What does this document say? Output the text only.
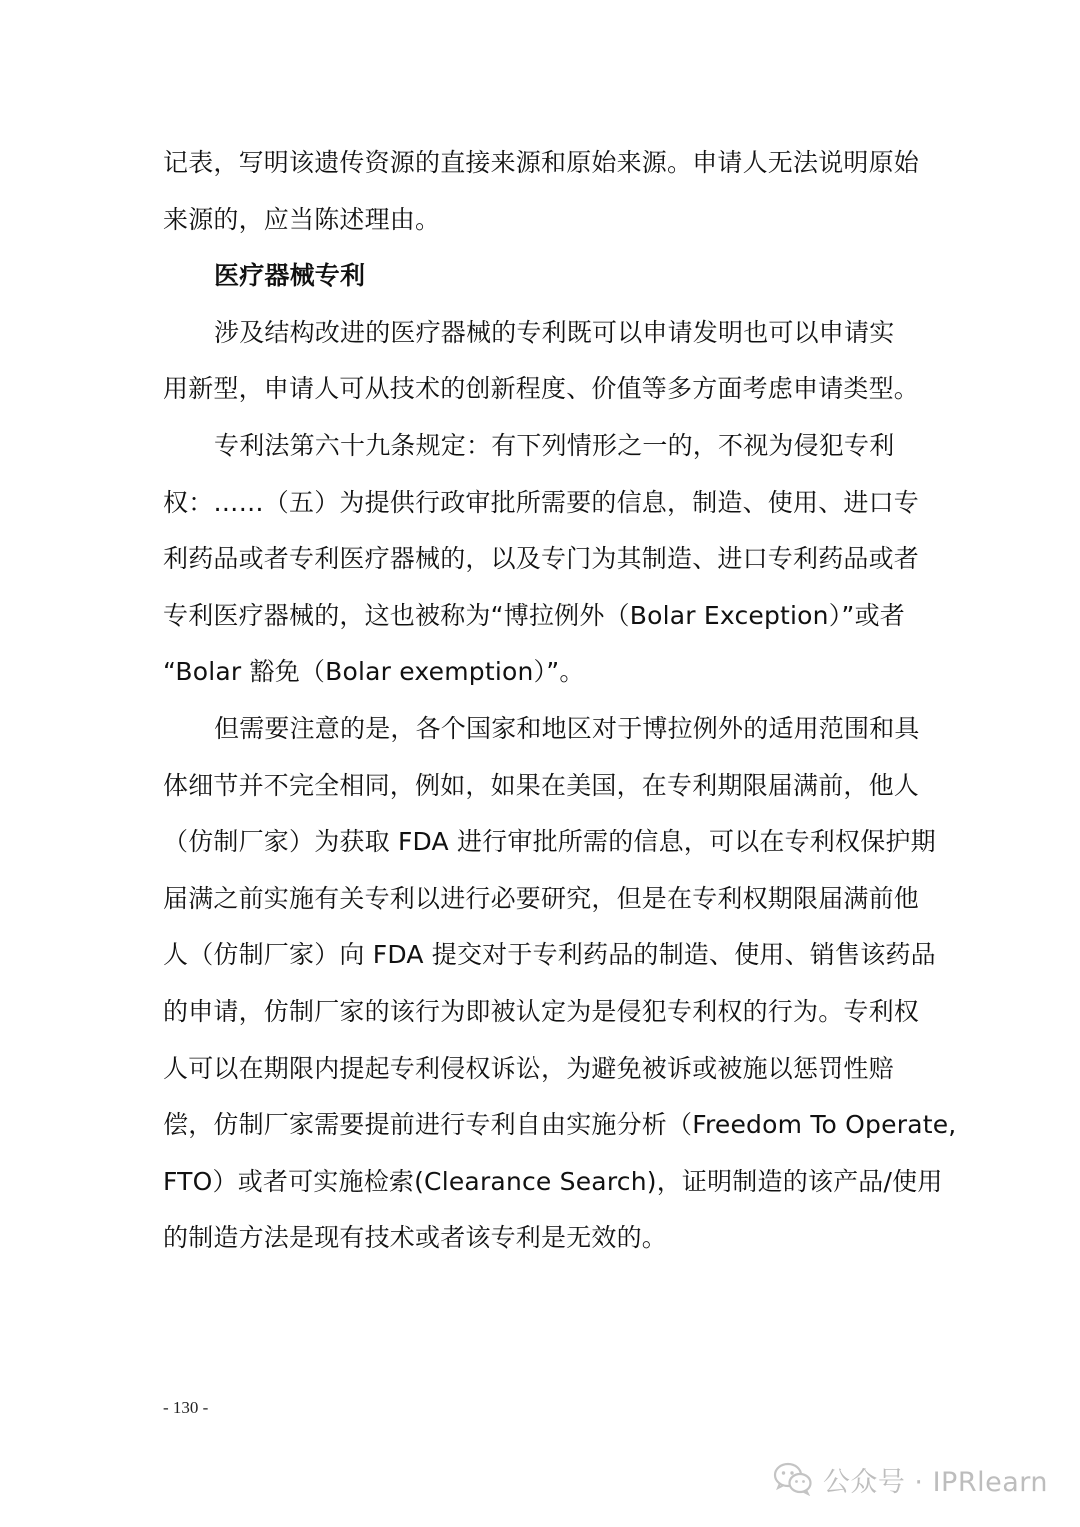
记表，写明该遗传资源的直接来源和原始来源。申请人无法说明原始
来源的，应当陈述理由。
医疗器械专利
涉及结构改进的医疗器械的专利既可以申请发明也可以申请实
用新型，申请人可从技术的创新程度、价值等多方面考虑申请类型。
专利法第六十九条规定：有下列情形之一的，不视为侵犯专利
权：……（五）为提供行政审批所需要的信息，制造、使用、进口专
利药品或者专利医疗器械的，以及专门为其制造、进口专利药品或者
专利医疗器械的，这也被称为“博拉例外（Bolar Exception）”或者
“Bolar 豁免（Bolar exemption）”。
但需要注意的是，各个国家和地区对于博拉例外的适用范围和具
体细节并不完全相同，例如，如果在美国，在专利期限届满前，他人
（仿制厂家）为获取 FDA 进行审批所需的信息，可以在专利权保护期
届满之前实施有关专利以进行必要研究，但是在专利权期限届满前他
人（仿制厂家）向 FDA 提交对于专利药品的制造、使用、销售该药品
的申请，仿制厂家的该行为即被认定为是侵犯专利权的行为。专利权
人可以在期限内提起专利侵权诉讼，为避免被诉或被施以惩罚性赔
偿，仿制厂家需要提前进行专利自由实施分析（Freedom To Operate,
FTO）或者可实施检索(Clearance Search)，证明制造的该产品/使用
的制造方法是现有技术或者该专利是无效的。
- 130 -
公众号 · IPRlearn
